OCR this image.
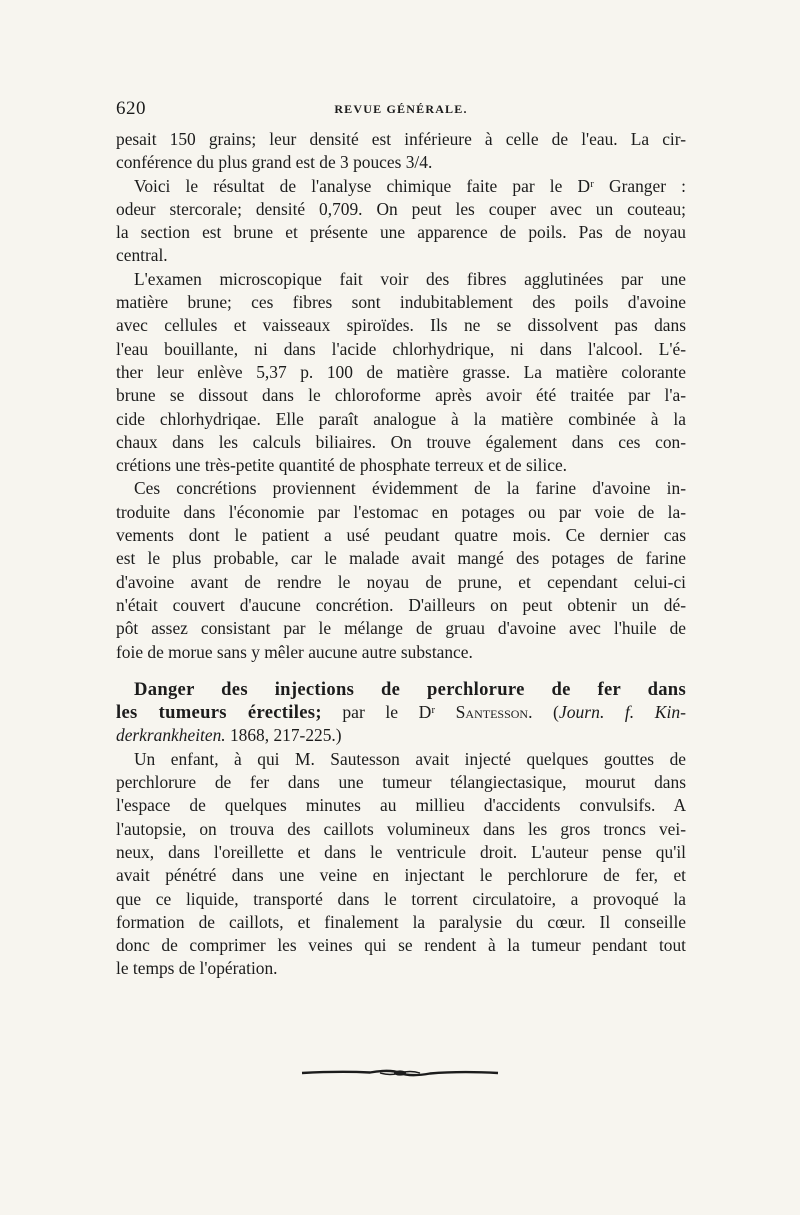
620	REVUE GÉNÉRALE.
pesait 150 grains; leur densité est inférieure à celle de l'eau. La cir-
conférence du plus grand est de 3 pouces 3/4.
Voici le résultat de l'analyse chimique faite par le Dʳ Granger :
odeur stercorale; densité 0,709. On peut les couper avec un couteau;
la section est brune et présente une apparence de poils. Pas de noyau
central.
L'examen microscopique fait voir des fibres agglutinées par une
matière brune; ces fibres sont indubitablement des poils d'avoine
avec cellules et vaisseaux spiroïdes. Ils ne se dissolvent pas dans
l'eau bouillante, ni dans l'acide chlorhydrique, ni dans l'alcool. L'é-
ther leur enlève 5,37 p. 100 de matière grasse. La matière colorante
brune se dissout dans le chloroforme après avoir été traitée par l'a-
cide chlorhydriqae. Elle paraît analogue à la matière combinée à la
chaux dans les calculs biliaires. On trouve également dans ces con-
crétions une très-petite quantité de phosphate terreux et de silice.
Ces concrétions proviennent évidemment de la farine d'avoine in-
troduite dans l'économie par l'estomac en potages ou par voie de la-
vements dont le patient a usé peudant quatre mois. Ce dernier cas
est le plus probable, car le malade avait mangé des potages de farine
d'avoine avant de rendre le noyau de prune, et cependant celui-ci
n'était couvert d'aucune concrétion. D'ailleurs on peut obtenir un dé-
pôt assez consistant par le mélange de gruau d'avoine avec l'huile de
foie de morue sans y mêler aucune autre substance.
Danger des injections de perchlorure de fer dans
les tumeurs érectiles; par le Dʳ Santesson. (Journ. f. Kin-
derkrankheiten. 1868, 217-225.)
Un enfant, à qui M. Sautesson avait injecté quelques gouttes de
perchlorure de fer dans une tumeur télangiectasique, mourut dans
l'espace de quelques minutes au millieu d'accidents convulsifs. A
l'autopsie, on trouva des caillots volumineux dans les gros troncs vei-
neux, dans l'oreillette et dans le ventricule droit. L'auteur pense qu'il
avait pénétré dans une veine en injectant le perchlorure de fer, et
que ce liquide, transporté dans le torrent circulatoire, a provoqué la
formation de caillots, et finalement la paralysie du cœur. Il conseille
donc de comprimer les veines qui se rendent à la tumeur pendant tout
le temps de l'opération.
